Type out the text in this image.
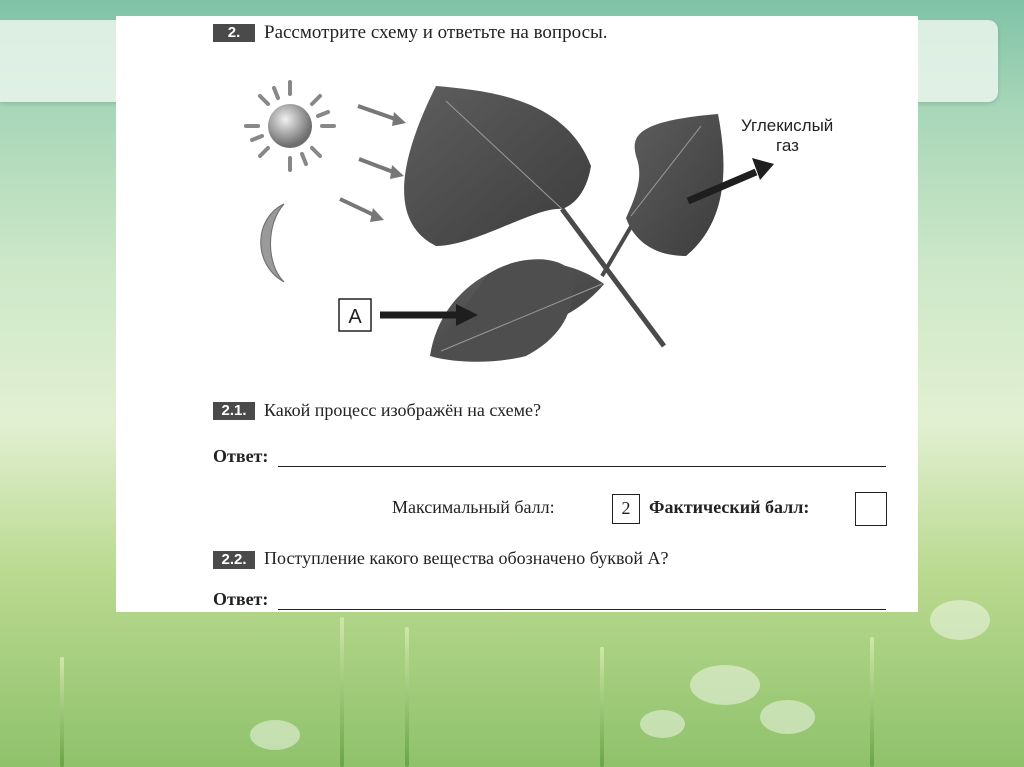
2.	Рассмотрите схему и ответьте на вопросы.
Углекислый
газ
A
2.1. Какой процесс изображён на схеме?
Ответ:
Максимальный балл:	2	Фактический балл:
2.2. Поступление какого вещества обозначено буквой А?
Ответ:
